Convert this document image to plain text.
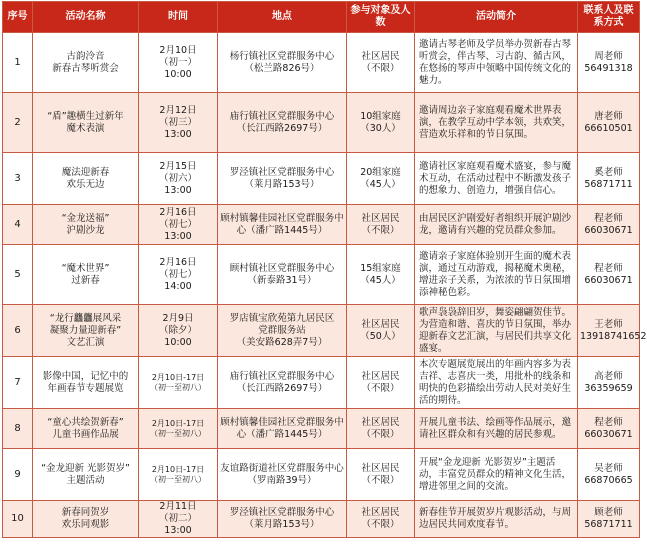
序号	活动名称	时间	地点	参与对象及人数	活动简介	联系人及联系方式
1	古韵泠音
新春古琴听赏会	2月10日
（初一）
10:00	杨行镇社区党群服务中心
（松兰路826号）	社区居民
（不限）	邀请古琴老师及学员举办贺新春古琴听赏会，伴古琴、习古韵、循古风，在悠扬的琴声中领略中国传统文化的魅力。	周老师
56491318
2	“盾”趣横生过新年
魔术表演	2月12日
（初三）
13:00	庙行镇社区党群服务中心
（长江西路2697号）	10组家庭
（30人）	邀请周边亲子家庭观看魔术世界表演，在教学互动中学本领，共欢笑，营造欢乐祥和的节日氛围。	唐老师
66610501
3	魔法迎新春
欢乐无边	2月15日
（初六）
13:00	罗泾镇社区党群服务中心
（莱月路153号）	20组家庭
（45人）	邀请社区家庭观看魔术盛宴，参与魔术互动，在活动过程中不断激发孩子的想象力、创造力，增强自信心。	奚老师
56871711
4	“金龙送福”
沪剧沙龙	2月16日
（初七）
13:00	顾村镇馨佳园社区党群服务中心（潘广路1445号）	社区居民
（不限）	由居民区沪剧爱好者组织开展沪剧沙龙，邀请有兴趣的党员群众参加。	程老师
66030671
5	“魔术世界”
过新春	2月16日
（初七）
14:00	顾村镇社区党群服务中心
（新泰路31号）	15组家庭
（45人）	邀请亲子家庭体验别开生面的魔术表演，通过互动游戏，揭秘魔术奥秘，增进亲子关系，为浓浓的节日氛围增添神秘色彩。	程老师
66030671
6	“龙行龘龘展风采
凝聚力量迎新春”
文艺汇演	2月9日
（除夕）
10:00	罗店镇宝欣苑第九居民区
党群服务站
（美安路628弄7号）	社区居民
（50人）	歌声袅袅辞旧岁，舞姿翩翩贺佳节。为营造和谐、喜庆的节日氛围，举办迎新春文艺汇演，与居民们共享文化盛宴。	王老师
13918741652
7	影像中国，记忆中的
年画春节专题展览	2月10日-17日
（初一至初八）	庙行镇社区党群服务中心
（长江西路2697号）	社区居民
（不限）	本次专题展览展出的年画内容多为表吉祥、志喜庆一类，用批朴的线条和明快的色彩描绘出劳动人民对美好生活的期待。	高老师
36359659
8	“童心共绘贺新春”
儿童书画作品展	2月10日-17日
（初一至初八）	顾村镇馨佳园社区党群服务中心（潘广路1445号）	社区居民
（不限）	开展儿童书法、绘画等作品展示，邀请社区群众和有兴趣的居民参观。	程老师
66030671
9	“金龙迎新 光影贺岁”
主题活动	2月10日-17日
（初一至初八）	友谊路街道社区党群服务中心
（罗南路39号）	社区居民
（不限）	开展“金龙迎新 光影贺岁”主题活动，丰富党员群众的精神文化生活，增进邻里之间的交流。	吴老师
66870665
10	新春同贺岁
欢乐同观影	2月11日
（初二）
13:00	罗泾镇社区党群服务中心
（莱月路153号）	社区居民
（不限）	新春佳节开展贺岁片观影活动，与周边居民共同欢度春节。	顾老师
56871711
